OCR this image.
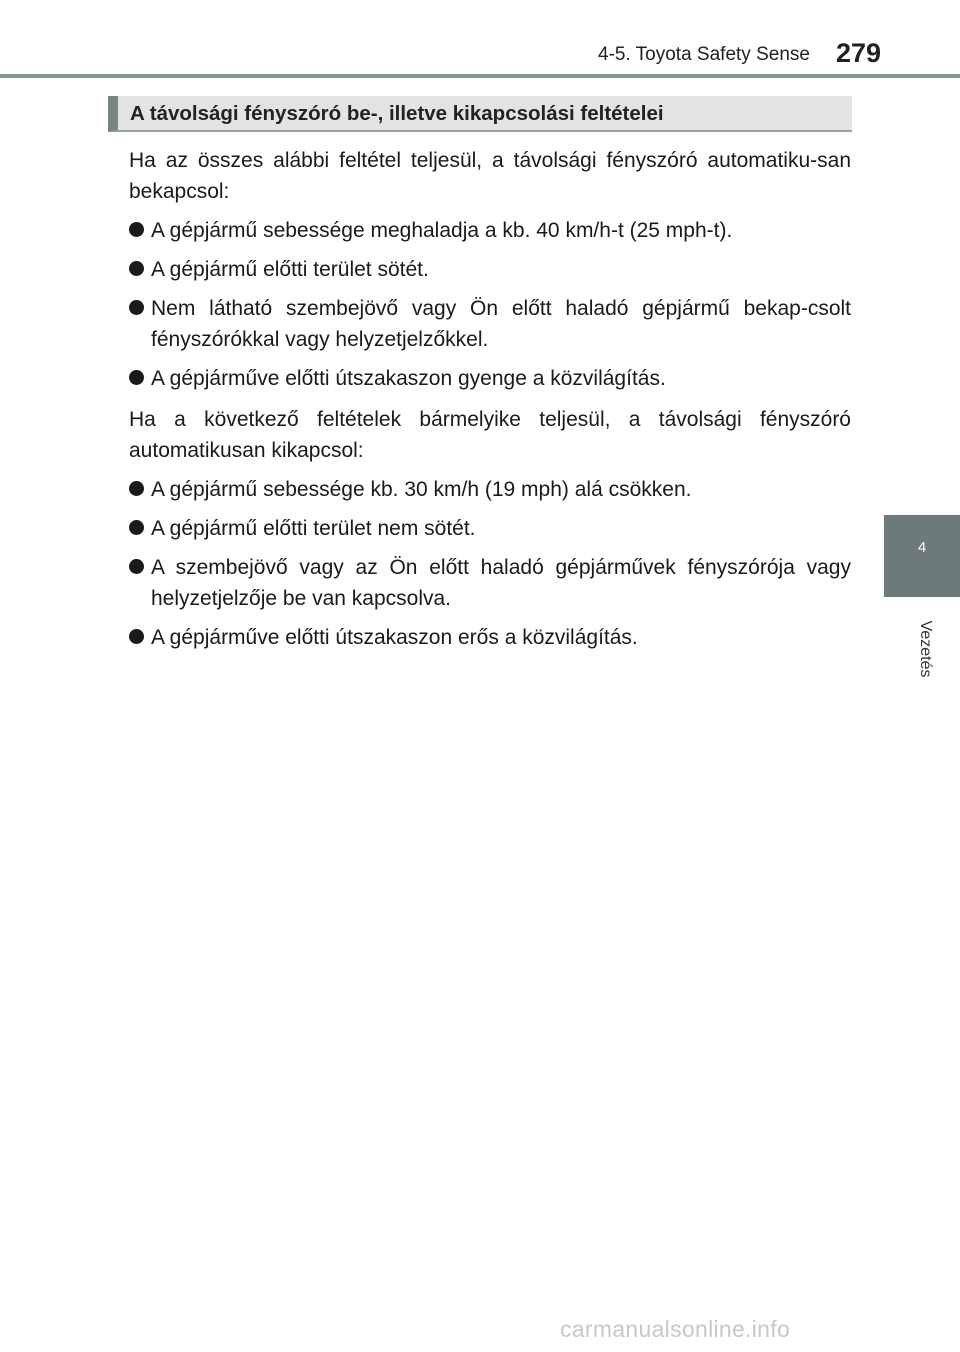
4-5. Toyota Safety Sense 279
4
Vezetés
A távolsági fényszóró be-, illetve kikapcsolási feltételei

Ha az összes alábbi feltétel teljesül, a távolsági fényszóró automatiku-san bekapcsol:

A gépjármű sebessége meghaladja a kb. 40 km/h-t (25 mph-t).
A gépjármű előtti terület sötét.
Nem látható szembejövő vagy Ön előtt haladó gépjármű bekap-csolt fényszórókkal vagy helyzetjelzőkkel.
A gépjárműve előtti útszakaszon gyenge a közvilágítás.

Ha a következő feltételek bármelyike teljesül, a távolsági fényszóró automatikusan kikapcsol:

A gépjármű sebessége kb. 30 km/h (19 mph) alá csökken.
A gépjármű előtti terület nem sötét.
A szembejövő vagy az Ön előtt haladó gépjárművek fényszórója vagy helyzetjelzője be van kapcsolva.
A gépjárműve előtti útszakaszon erős a közvilágítás.
carmanualsonline.info
